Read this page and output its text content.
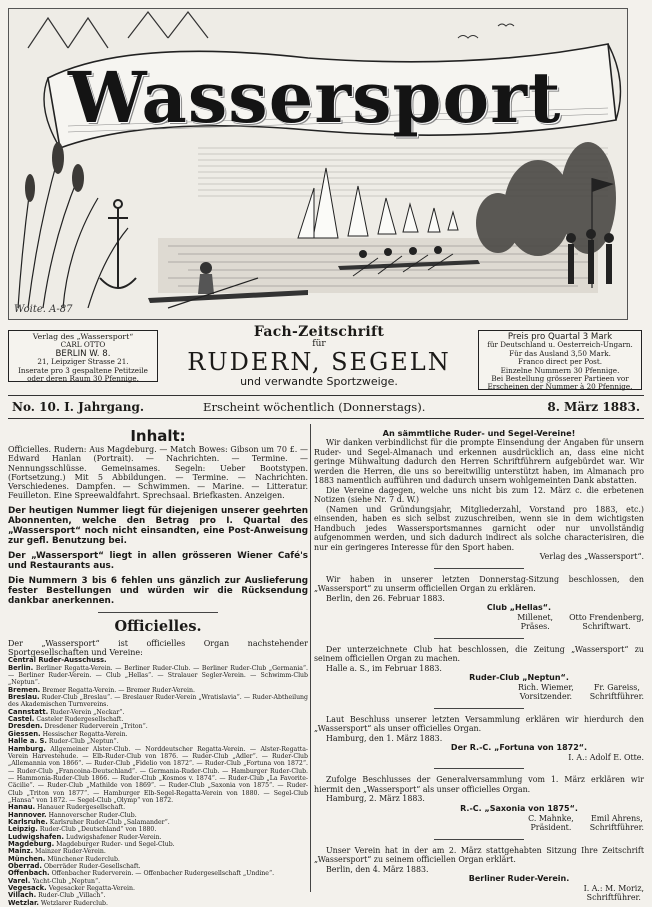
Wassersport
Woite. A-87
Verlag des „Wassersport“
CARL OTTO
BERLIN W. 8.
21, Leipziger Strasse 21.
Inserate pro 3 gespaltene Petitzeile
oder deren Raum 30 Pfennige.
Fach-Zeitschrift
für
RUDERN, SEGELN
und verwandte Sportzweige.
Preis pro Quartal 3 Mark
für Deutschland u. Oesterreich-Ungarn.
Für das Ausland 3,50 Mark.
Franco direct per Post.
Einzelne Nummern 30 Pfennige.
Bei Bestellung grösserer Partieen vor
Erscheinen der Nummer à 20 Pfennige.
No. 10. I. Jahrgang.	Erscheint wöchentlich (Donnerstags).	8. März 1883.
Inhalt:
Officielles. Rudern: Aus Magdeburg. — Match Bowes: Gibson um 70 £. — Edward Hanlan (Portrait). — Nachrichten. — Termine. — Nennungsschlüsse. Gemeinsames. Segeln: Ueber Bootstypen. (Fortsetzung.) Mit 5 Abbildungen. — Termine. — Nachrichten. Verschiedenes. Dampfen. — Schwimmen. — Marine. — Litteratur. Feuilleton. Eine Spreewaldfahrt. Sprechsaal. Briefkasten. Anzeigen.
Der heutigen Nummer liegt für diejenigen unserer geehrten Abonnenten, welche den Betrag pro I. Quartal des „Wassersport“ noch nicht einsandten, eine Post-Anweisung zur gefl. Benutzung bei.
Der „Wassersport“ liegt in allen grösseren Wiener Café's und Restaurants aus.
Die Nummern 3 bis 6 fehlen uns gänzlich zur Auslieferung fester Bestellungen und würden wir die Rücksendung dankbar anerkennen.
Officielles.
Der „Wassersport“ ist officielles Organ nachstehender Sportgesellschaften und Vereine:
Central Ruder-Ausschuss.
Berlin. Berliner Regatta-Verein. — Berliner Ruder-Club. — Berliner Ruder-Club „Germania“. — Berliner Ruder-Verein. — Club „Hellas“. — Stralauer Segler-Verein. — Schwimm-Club „Neptun“.
Bremen. Bremer Regatta-Verein. — Bremer Ruder-Verein.
Breslau. Ruder-Club „Breslau“. — Breslauer Ruder-Verein „Wratislavia“. — Ruder-Abtheilung des Akademischen Turnvereins.
Cannstatt. Ruder-Verein „Neckar“.
Castel. Casteler Rudergesellschaft.
Dresden. Dresdener Ruderverein „Triton“.
Giessen. Hessischer Regatta-Verein.
Halle a. S. Ruder-Club „Neptun“.
Hamburg. Allgemeiner Alster-Club. — Norddeutscher Regatta-Verein. — Alster-Regatta-Verein Harvestehude. — Elb-Ruder-Club von 1876. — Ruder-Club „Adler“. — Ruder-Club „Allemannia von 1866“. — Ruder-Club „Fidelio von 1872“. — Ruder-Club „Fortuna von 1872“. — Ruder-Club „Francoina-Deutschland“. — Germania-Ruder-Club. — Hamburger Ruder-Club. — Hammonia-Ruder-Club 1866. — Ruder-Club „Kosmos v. 1874“. — Ruder-Club „La Favorite-Cäcilie“. — Ruder-Club „Mathilde von 1869“. — Ruder-Club „Saxonia von 1875“. — Ruder-Club „Triton von 1877“. — Hamburger Elb-Segel-Regatta-Verein von 1880. — Segel-Club „Hansa“ von 1872. — Segel-Club „Olymp“ von 1872.
Hanau. Hanauer Rudergesellschaft.
Hannover. Hannoverscher Ruder-Club.
Karlsruhe. Karlsruher Ruder-Club „Salamander“.
Leipzig. Ruder-Club „Deutschland“ von 1880.
Ludwigshafen. Ludwigshafener Ruder-Verein.
Magdeburg. Magdeburger Ruder- und Segel-Club.
Mainz. Mainzer Ruder-Verein.
München. Münchener Ruderclub.
Oberrad. Oberräder Ruder-Gesellschaft.
Offenbach. Offenbacher Ruderverein. — Offenbacher Rudergesellschaft „Undine“.
Varel. Yacht-Club „Neptun“.
Vegesack. Vegesacker Regatta-Verein.
Villach. Ruder-Club „Villach“.
Wetzlar. Wetzlarer Ruderclub.
An sämmtliche Ruder- und Segel-Vereine!
Wir danken verbindlichst für die prompte Einsendung der Angaben für unsern Ruder- und Segel-Almanach und erkennen ausdrücklich an, dass eine nicht geringe Mühwaltung dadurch den Herren Schriftführern aufgebürdet war. Wir werden die Herren, die uns so bereitwillig unterstützt haben, im Almanach pro 1883 namentlich aufführen und dadurch unsern wohlgemeinten Dank abstatten.
Die Vereine dagegen, welche uns nicht bis zum 12. März c. die erbetenen Notizen (siehe Nr. 7 d. W.)
(Namen und Gründungsjahr, Mitgliederzahl, Vorstand pro 1883, etc.) einsenden, haben es sich selbst zuzuschreiben, wenn sie in dem wichtigsten Handbuch jedes Wassersportsmannes garnicht oder nur unvollständig aufgenommen werden, und sich dadurch indirect als solche characterisiren, die nur ein geringeres Interesse für den Sport haben.
Verlag des „Wassersport“.
Wir haben in unserer letzten Donnerstag-Sitzung beschlossen, den „Wassersport“ zu unserm officiellen Organ zu erklären.
Berlin, den 26. Februar 1883.
Club „Hellas“.
Millenet,
Präses.
Otto Frendenberg,
Schriftwart.
Der unterzeichnete Club hat beschlossen, die Zeitung „Wassersport“ zu seinem officiellen Organ zu machen.
Halle a. S., im Februar 1883.
Ruder-Club „Neptun“.
Rich. Wiemer,
Vorsitzender.
Fr. Gareiss,
Schriftführer.
Laut Beschluss unserer letzten Versammlung erklären wir hierdurch den „Wassersport“ als unser officielles Organ.
Hamburg, den 1. März 1883.
Der R.-C. „Fortuna von 1872“.
I. A.: Adolf E. Otte.
Zufolge Beschlusses der Generalversammlung vom 1. März erklären wir hiermit den „Wassersport“ als unser officielles Organ.
Hamburg, 2. März 1883.
R.-C. „Saxonia von 1875“.
C. Mahnke,
Präsident.
Emil Ahrens,
Schriftführer.
Unser Verein hat in der am 2. März stattgehabten Sitzung Ihre Zeitschrift „Wassersport“ zu seinem officiellen Organ erklärt.
Berlin, den 4. März 1883.
Berliner Ruder-Verein.
I. A.: M. Moriz,
Schriftführer.
